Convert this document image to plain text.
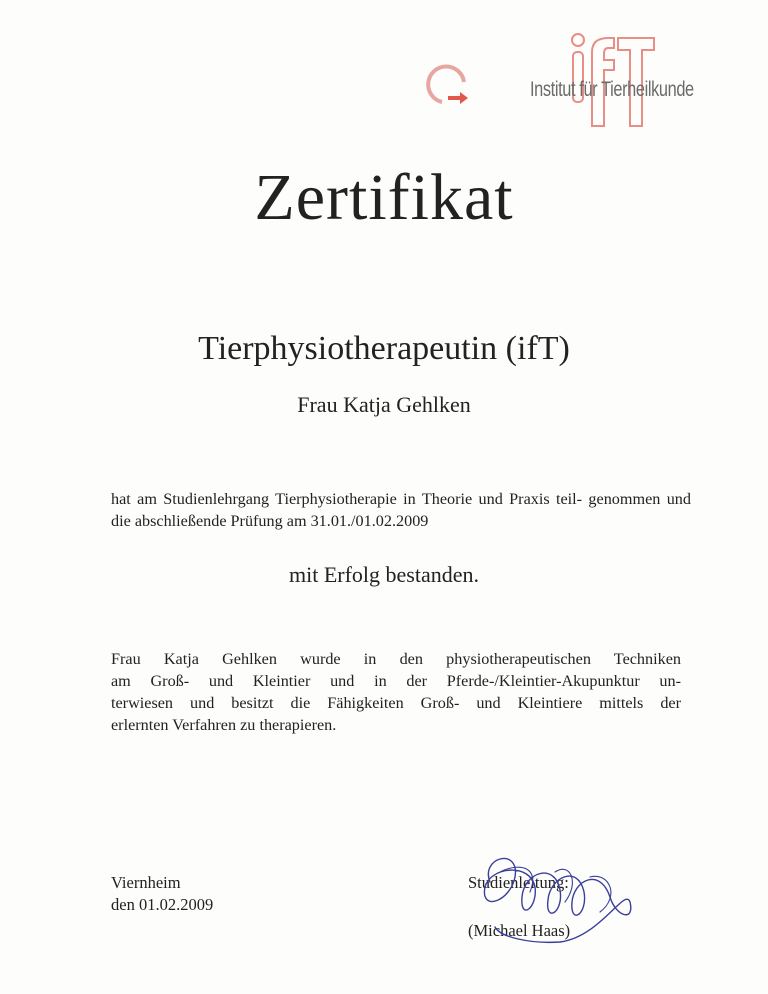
Institut für Tierheilkunde
Zertifikat
Tierphysiotherapeutin (ifT)
Frau Katja Gehlken
hat am Studienlehrgang Tierphysiotherapie in Theorie und Praxis teil- genommen und die abschließende Prüfung am 31.01./01.02.2009
mit Erfolg bestanden.
Frau Katja Gehlken wurde in den physiotherapeutischen Techniken
am Groß- und Kleintier und in der Pferde-/Kleintier-Akupunktur un-
terwiesen und besitzt die Fähigkeiten Groß- und Kleintiere mittels der
erlernten Verfahren zu therapieren.
Viernheim
den 01.02.2009
Studienleitung:
(Michael Haas)
